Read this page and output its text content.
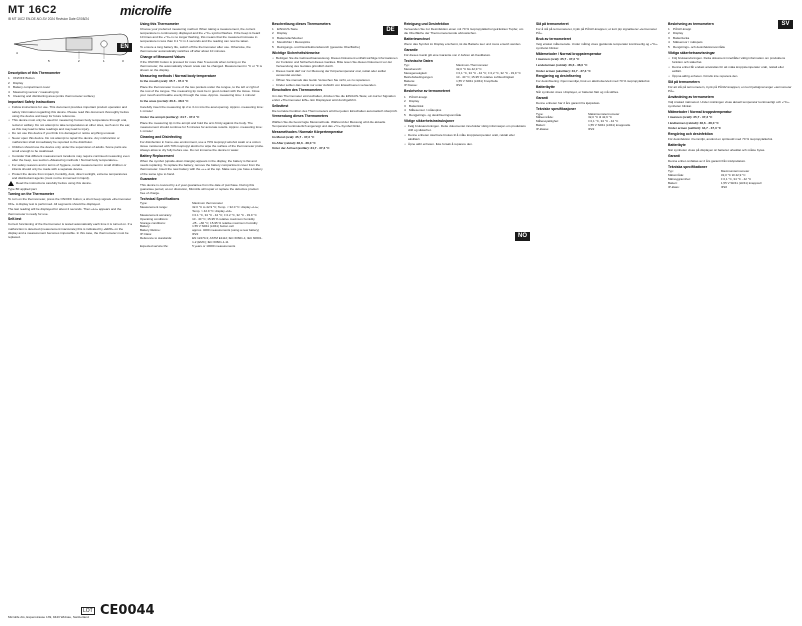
MT 16C2
IB MT 16C2 EN-DE-NO-SV 2024 Revision Date 02/08/24
microlife
1
2	3
4
5
Description of this Thermometer
1 ON/OFF Button
2 Display
3 Battery compartment cover
4 Measuring sensor / measuring tip
5 Cleaning and disinfecting area (entire thermometer surface)
Important Safety Instructions
• Follow instructions for use. This document provides important product operation and safety information regarding this device. Please read this document thoroughly before using the device and keep for future reference.
• This device must only be used for measuring human body temperature through oral, rectal or axillary. Do not attempt to take temperatures at other sites, such as in the ear, as this may lead to false readings and may lead to injury.
• Do not use this device if you think it is damaged or notice anything unusual.
• Never open this device. Do not attempt to repair the device. Any misfunction or malfunction shall immediately be reported to the distributor.
• Children should use the device only under the supervision of adults. Some parts are small enough to be swallowed.
• Consider that different measurement locations may require continued measuring even after the beep, see section «Measuring methods / Normal body temperature».
• For safety reasons and in terms of hygiene, rectal measurement in small children or infants should only be made with a separate device.
• Protect the device from impact, humidity, dust, direct sunlight, extreme temperatures and disinfectant agents (must not be immersed in liquid).

Read the instructions carefully before using this device.

Type BF applied part

Turning on the Thermometer

To turn on the thermometer, press the ON/OFF button; a short beep signals «thermometer ON». A display test is performed. All segments should be displayed.

The last reading will be displayed for about 2 seconds. Then «Lo» appears and the thermometer is ready for use.

Self-test

Correct functioning of the thermometer is tested automatically each time it is turned on. If a malfunction is detected (measurement inaccurate) this is indicated by «ERR» on the display and a measurement becomes impossible. In this case, the thermometer must be replaced.

EN
Using this Thermometer

Choose your preferred measuring method. When taking a measurement, the current temperature is continuously displayed and the «°C» symbol flashes. If the beep is heard 10 times and the «°C» is no longer flashing, this means that the measured increase in temperature is less than 0.1 °C in 4 seconds and the reading can now be taken.

To ensure a long battery life, switch off the thermometer after use. Otherwise, the thermometer automatically switches off after about 10 minutes.

Change of Measured Values

If the ON/OFF button is pressed for more than 5 seconds when turning on the thermometer, the automatically shown scale can be changed. Measurement in °C or °F is shown on the display.

Measuring methods / Normal body temperature

In the mouth (oral): 35.7 - 37.3 °C

Place the thermometer in one of the two pockets under the tongue, to the left or right of the root of the tongue. The measuring tip must be in good contact with the tissue. Close your mouth and breathe evenly through the nose. Approx. measuring time: 1 minute!

In the anus (rectal): 36.6 - 38.0 °C

Carefully insert the measuring tip 2 to 3 cm into the anal opening. Approx. measuring time: 1 minute!

Under the armpit (axillary): 34.7 - 37.3 °C

Place the measuring tip in the armpit and hold the arm firmly against the body. The measurement should continue for 5 minutes for accurate results. Approx. measuring time: 1 minute!

Cleaning and Disinfecting

For disinfection in home-use environment, use a 70% isopropyl alcohol swab or a cotton tissue moistened with 70% isopropyl alcohol to wipe the surface of the thermometer probe. Always allow to dry fully before use. Do not immerse the device in water.

Battery Replacement

When the symbol (upside-down triangle) appears in the display, the battery is flat and needs replacing. To replace the battery, remove the battery compartment cover from the thermometer. Insert the new battery with the «+» at the top. Make sure you have a battery of the same type to hand.

Guarantee

This device is covered by a 2 year guarantee from the date of purchase. During this guarantee period, at our discretion, Microlife will repair or replace the defective product free of charge.

Technical Specifications
Type:	Maximum thermometer
Measurement range:	32.0 °C to 42.9 °C; Temp. < 32.0 °C: display «Lo»; Temp. > 42.9 °C: display «Hi»
Measurement accuracy:	± 0.1 °C, 34 °C - 42 °C; ± 0.2 °C, 32 °C - 33.9 °C
Operating conditions:	10 - 40 °C; 15-95 % relative maximum humidity
Storage conditions:	-25 - +60 °C; 15-95 % relative maximum humidity
Battery:	1.55 V SR41 (LR41) button cell
Battery lifetime:	approx. 4000 measurements (using a new battery)
IP Class:	IP22
Reference to standards:	EN 12470-3; ASTM E1112; IEC 60601-1; IEC 60601-1-2 (EMC); IEC 60601-1-11
Expected service life:	5 years or 10000 measurements
Beschreibung dieses Thermometers
1 EIN/AUS-Taste
2 Display
3 Batteriefachdeckel
4 Messfühler / Messspitze
5 Reinigungs- und Desinfektionsbereich (gesamte Oberfläche)
Wichtige Sicherheitshinweise
• Befolgen Sie die Gebrauchsanweisung. Dieses Dokument enthält wichtige Informationen zur Funktion und Sicherheit dieses Gerätes. Bitte lesen Sie dieses Dokument vor der Verwendung des Gerätes gründlich durch.
• Dieses Gerät darf nur zur Messung der Körpertemperatur oral, rektal oder axillar verwendet werden.
• Öffnen Sie niemals das Gerät. Versuchen Sie nicht, es zu reparieren.
• Kinder sollten das Gerät nur unter Aufsicht von Erwachsenen verwenden.
Einschalten des Thermometers

Um das Thermometer einzuschalten, drücken Sie die EIN/AUS-Taste; ein kurzer Signalton ertönt «Thermometer EIN». Ein Displaytest wird durchgeführt.

Selbsttest

Die korrekte Funktion des Thermometers wird bei jedem Einschalten automatisch überprüft.

Verwendung dieses Thermometers

Wählen Sie die bevorzugte Messmethode. Während der Messung wird die aktuelle Temperatur kontinuierlich angezeigt und das «°C»-Symbol blinkt.

Messmethoden / Normale Körpertemperatur

Im Mund (oral): 35,7 - 37,3 °C

Im After (rektal): 36,6 - 38,0 °C

Unter der Achsel (axillar): 34,7 - 37,3 °C

DE
Reinigung und Desinfektion

Verwenden Sie zur Desinfektion einen mit 70 % Isopropylalkohol getränkten Tupfer, um die Oberfläche der Thermometersonde abzuwischen.

Batteriewechsel

Wenn das Symbol im Display erscheint, ist die Batterie leer und muss ersetzt werden.

Garantie

Für dieses Gerät gilt eine Garantie von 2 Jahren ab Kaufdatum.

Technische Daten
Typ:	Maximum-Thermometer
Messbereich:	32,0 °C bis 42,9 °C
Messgenauigkeit:	± 0,1 °C, 34 °C - 42 °C; ± 0,2 °C, 32 °C - 33,9 °C
Betriebsbedingungen:	10 - 40 °C; 15-95 % relative Luftfeuchtigkeit
Batterie:	1,55 V SR41 (LR41) Knopfzelle
IP Klasse:	IP22
Beskrivelse av termometeret
1 PÅ/AV-knapp
2 Display
3 Batterilokk
4 Målesensor / målespiss
5 Rengjørings- og desinfiseringsområde
Viktige sikkerhetsinstruksjoner
• Følg bruksanvisningen. Dette dokumentet inneholder viktig informasjon om produktets drift og sikkerhet.
• Denne enheten skal bare brukes til å måle kroppstemperatur oralt, rektalt eller aksillært.
• Åpne aldri enheten. Ikke forsøk å reparere den.
NO
Slå på termometeret

For å slå på termometeret, trykk på PÅ/AV-knappen; et kort pip signaliserer «termometer PÅ».

Bruk av termometeret

Velg ønsket målemetode. Under måling vises gjeldende temperatur kontinuerlig og «°C»-symbolet blinker.

Målemetoder / Normal kroppstemperatur

I munnen (oral): 35,7 - 37,3 °C

I endetarmen (rektal): 36,6 - 38,0 °C

Under armen (aksillær): 34,7 - 37,3 °C

Rengjøring og desinfisering

For desinfisering i hjemmemiljø, bruk en alkoholserviett med 70 % isopropylalkohol.

Batteribytte

Når symbolet vises i displayet, er batteriet flatt og må skiftes.

Garanti

Denne enheten har 2 års garanti fra kjøpsdato.

Tekniske spesifikasjoner
Type:	Maksimumstermometer
Måleområde:	32,0 °C til 42,9 °C
Målenøyaktighet:	± 0,1 °C, 34 °C - 42 °C
Batteri:	1,55 V SR41 (LR41) knappcelle
IP-klasse:	IP22
Beskrivning av termometern
1 PÅ/AV-knapp
2 Display
3 Batterilucka
4 Mätsensor / mätspets
5 Rengörings- och desinfektionsområde
Viktiga säkerhetsanvisningar
• Följ bruksanvisningen. Detta dokument innehåller viktig information om produktens funktion och säkerhet.
• Denna enhet får endast användas för att mäta kroppstemperatur oralt, rektalt eller axillärt.
• Öppna aldrig enheten. Försök inte reparera den.
Slå på termometern

För att slå på termometern, tryck på PÅ/AV-knappen; en kort ljudsignal anger «termometer PÅ».

Användning av termometern

Välj önskad mätmetod. Under mätningen visas aktuell temperatur kontinuerligt och «°C»-symbolen blinkar.

Mätmetoder / Normal kroppstemperatur

I munnen (oralt): 35,7 - 37,3 °C

I ändtarmen (rektalt): 36,6 - 38,0 °C

Under armen (axillärt): 34,7 - 37,3 °C

Rengöring och desinfektion

För desinfektion i hemmiljö, använd en spritsudd med 70 % isopropylalkohol.

Batteribyte

När symbolen visas på displayen är batteriet urladdat och måste bytas.

Garanti

Denna enhet omfattas av 2 års garanti från inköpsdatum.

Tekniska specifikationer
Typ:	Maximumtermometer
Mätområde:	32,0 °C till 42,9 °C
Mätnoggrannhet:	± 0,1 °C, 34 °C - 42 °C
Batteri:	1,55 V SR41 (LR41) knappcell
IP-klass:	IP22
SV
Microlife AG, Espenstrasse 139, 9443 Widnau, Switzerland
LOT CE0044
